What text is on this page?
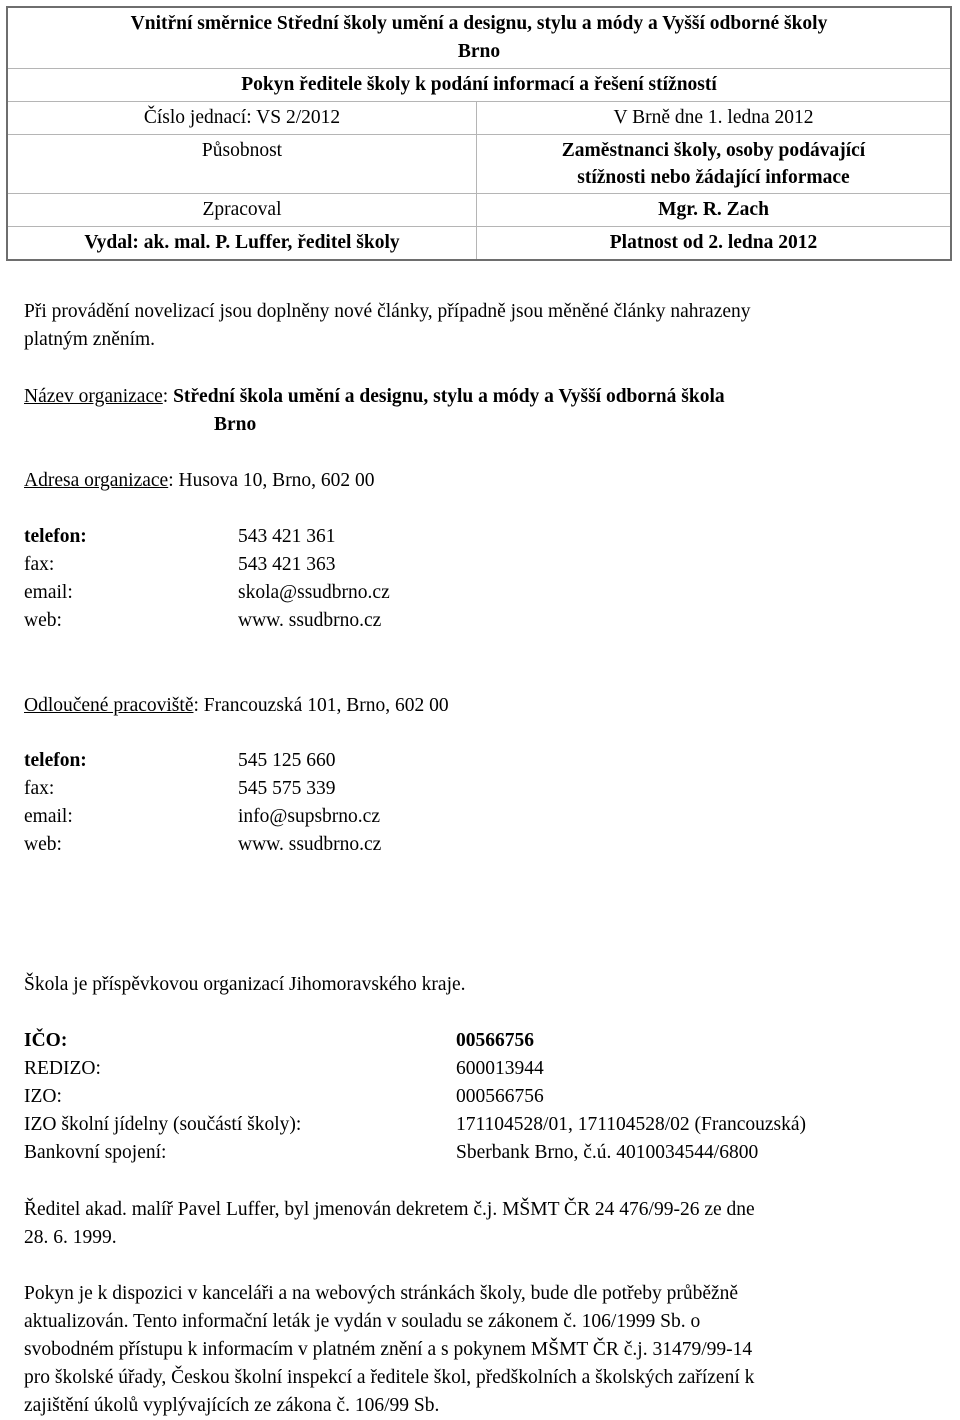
Vnitřní směrnice Střední školy umění a designu, stylu a módy a Vyšší odborné školy
Brno
Pokyn ředitele školy k podání informací a řešení stížností
Číslo jednací: VS 2/2012	V Brně dne 1. ledna 2012
Působnost	Zaměstnanci školy, osoby podávající
stížnosti nebo žádající informace
Zpracoval	Mgr. R. Zach
Vydal: ak. mal. P. Luffer, ředitel školy	Platnost od 2. ledna 2012
Při provádění novelizací jsou doplněny nové články, případně jsou měněné články nahrazeny
platným zněním.
Název organizace: Střední škola umění a designu, stylu a módy a Vyšší odborná škola
Brno
Adresa organizace: Husova 10, Brno, 602 00
telefon:	543 421 361
fax:	543 421 363
email:	skola@ssudbrno.cz
web:	www. ssudbrno.cz
Odloučené pracoviště: Francouzská 101, Brno, 602 00
telefon:	545 125 660
fax:	545 575 339
email:	info@supsbrno.cz
web:	www. ssudbrno.cz
Škola je příspěvkovou organizací Jihomoravského kraje.
IČO:	00566756
REDIZO:	600013944
IZO:	000566756
IZO školní jídelny (součástí školy):	171104528/01, 171104528/02 (Francouzská)
Bankovní spojení:	Sberbank Brno, č.ú. 4010034544/6800
Ředitel akad. malíř Pavel Luffer, byl jmenován dekretem č.j. MŠMT ČR 24 476/99-26 ze dne
28. 6. 1999.
Pokyn je k dispozici v kanceláři a na webových stránkách školy, bude dle potřeby průběžně
aktualizován. Tento informační leták je vydán v souladu se zákonem č. 106/1999 Sb. o
svobodném přístupu k informacím v platném znění a s pokynem MŠMT ČR č.j. 31479/99-14
pro školské úřady, Českou školní inspekcí a ředitele škol, předškolních a školských zařízení k
zajištění úkolů vyplývajících ze zákona č. 106/99 Sb.
